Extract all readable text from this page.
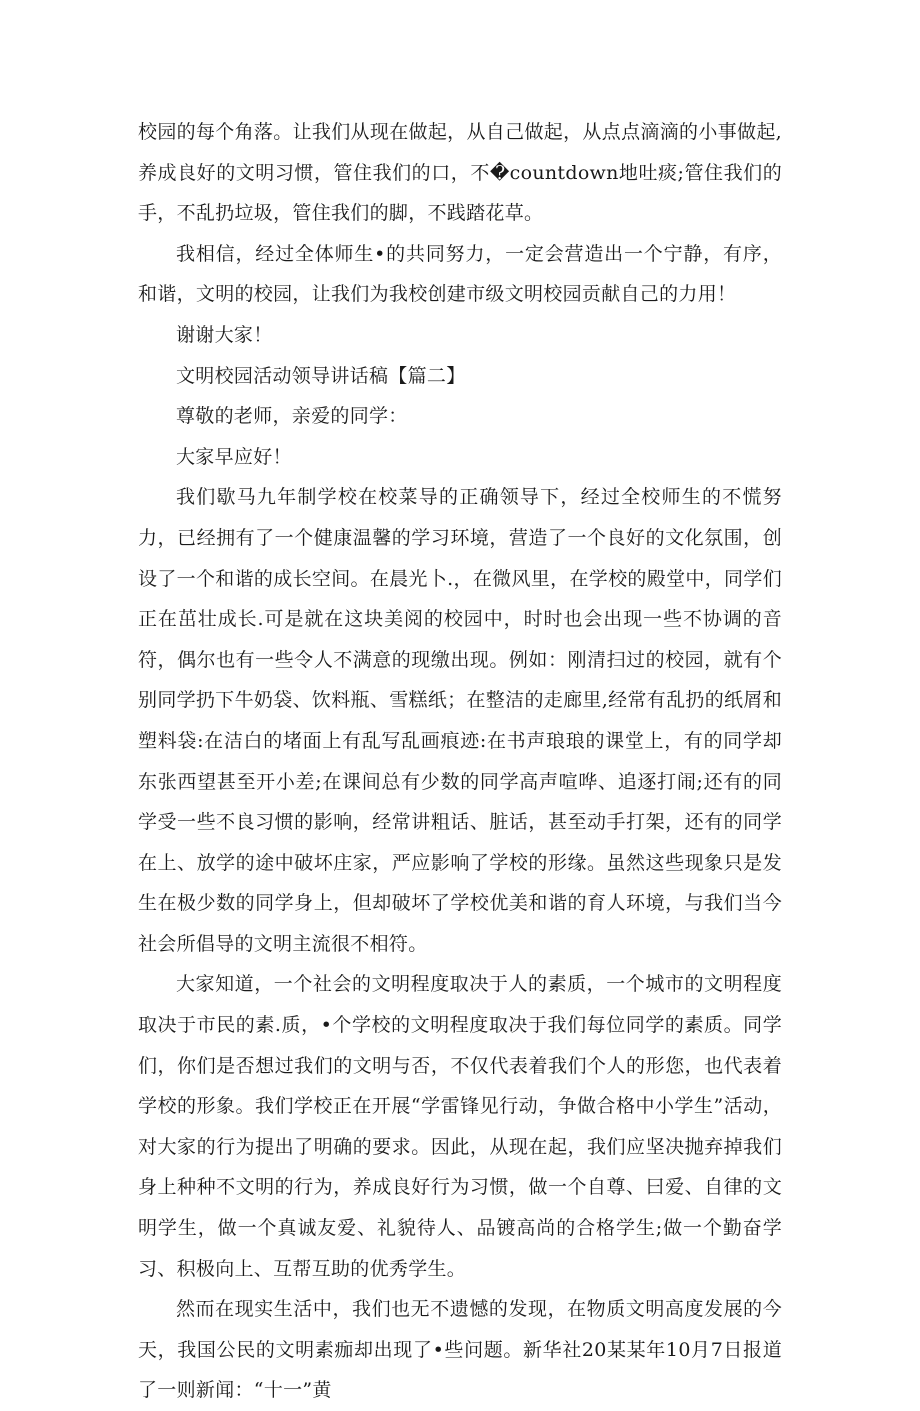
校园的每个角落。让我们从现在做起，从自己做起，从点点滴滴的小事做起,养成良好的文明习惯，管住我们的口，不�countdown地吐痰;管住我们的手，不乱扔垃圾，管住我们的脚，不践踏花草。

我相信，经过全体师生•的共同努力，一定会营造出一个宁静，有序，和谐，文明的校园，让我们为我校创建市级文明校园贡献自己的力用！

谢谢大家！

文明校园活动领导讲话稿【篇二】

尊敬的老师，亲爱的同学：

大家早应好！

我们歇马九年制学校在校菜导的正确领导下，经过全校师生的不慌努力，已经拥有了一个健康温馨的学习环境，营造了一个良好的文化氛围，创设了一个和谐的成长空间。在晨光卜.，在微风里，在学校的殿堂中，同学们正在茁壮成长.可是就在这块美阅的校园中，时时也会出现一些不协调的音符，偶尔也有一些令人不满意的现缴出现。例如：刚清扫过的校园，就有个别同学扔下牛奶袋、饮料瓶、雪糕纸；在整洁的走廊里,经常有乱扔的纸屑和塑料袋:在洁白的堵面上有乱写乱画痕迹:在书声琅琅的课堂上，有的同学却东张西望甚至开小差;在课间总有少数的同学高声喧哗、追逐打闹;还有的同学受一些不良习惯的影响，经常讲粗话、脏话，甚至动手打架，还有的同学在上、放学的途中破坏庄家，严应影响了学校的形缘。虽然这些现象只是发生在极少数的同学身上，但却破坏了学校优美和谐的育人环境，与我们当今社会所倡导的文明主流很不相符。

大家知道，一个社会的文明程度取决于人的素质，一个城市的文明程度取决于市民的素.质，•个学校的文明程度取决于我们每位同学的素质。同学们，你们是否想过我们的文明与否，不仅代表着我们个人的形您，也代表着学校的形象。我们学校正在开展“学雷锋见行动，争做合格中小学生”活动，对大家的行为提出了明确的要求。因此，从现在起，我们应坚决抛弃掉我们身上种种不文明的行为，养成良好行为习惯，做一个自尊、曰爱、自律的文明学生，做一个真诚友爱、礼貌待人、品镀高尚的合格学生;做一个勤奋学习、积极向上、互帮互助的优秀学生。

然而在现实生活中，我们也无不遗憾的发现，在物质文明高度发展的今天，我国公民的文明素痂却出现了•些问题。新华社20某某年10月7日报道了一则新闻：“十一”黄
